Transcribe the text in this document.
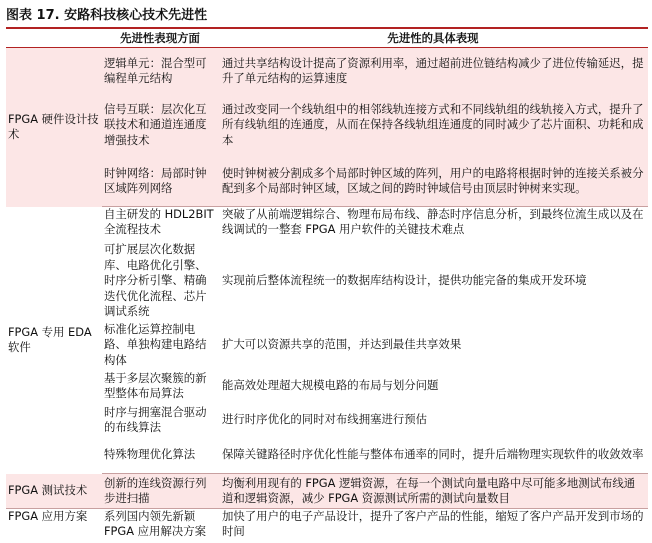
图表 17. 安路科技核心技术先进性
	先进性表现方面	先进性的具体表现

FPGA 硬件设计技术	逻辑单元：混合型可编程单元结构	通过共享结构设计提高了资源利用率，通过超前进位链结构减少了进位传输延迟，提升了单元结构的运算速度
	信号互联：层次化互联技术和通道连通度增强技术	通过改变同一个线轨组中的相邻线轨连接方式和不同线轨组的线轨接入方式，提升了所有线轨组的连通度，从而在保持各线轨组连通度的同时减少了芯片面积、功耗和成本
	时钟网络：局部时钟区域阵列网络	使时钟树被分割成多个局部时钟区域的阵列，用户的电路将根据时钟的连接关系被分配到多个局部时钟区域，区域之间的跨时钟域信号由顶层时钟树来实现。

FPGA 专用 EDA 软件	自主研发的 HDL2BIT 全流程技术	突破了从前端逻辑综合、物理布局布线、静态时序信息分析，到最终位流生成以及在线调试的一整套 FPGA 用户软件的关键技术难点
	可扩展层次化数据库、电路优化引擎、时序分析引擎、精确迭代优化流程、芯片调试系统	实现前后整体流程统一的数据库结构设计，提供功能完备的集成开发环境
	标准化运算控制电路、单独构建电路结构体	扩大可以资源共享的范围，并达到最佳共享效果
	基于多层次聚簇的新型整体布局算法	能高效处理超大规模电路的布局与划分问题
	时序与拥塞混合驱动的布线算法	进行时序优化的同时对布线拥塞进行预估
	特殊物理优化算法	保障关键路径时序优化性能与整体布通率的同时，提升后端物理实现软件的收敛效率

FPGA 测试技术	创新的连线资源行列步进扫描	均衡利用现有的 FPGA 逻辑资源，在每一个测试向量电路中尽可能多地测试布线通道和逻辑资源，减少 FPGA 资源测试所需的测试向量数目

FPGA 应用方案	系列国内领先新颖 FPGA 应用解决方案	加快了用户的电子产品设计，提升了客户产品的性能，缩短了客户产品开发到市场的时间
